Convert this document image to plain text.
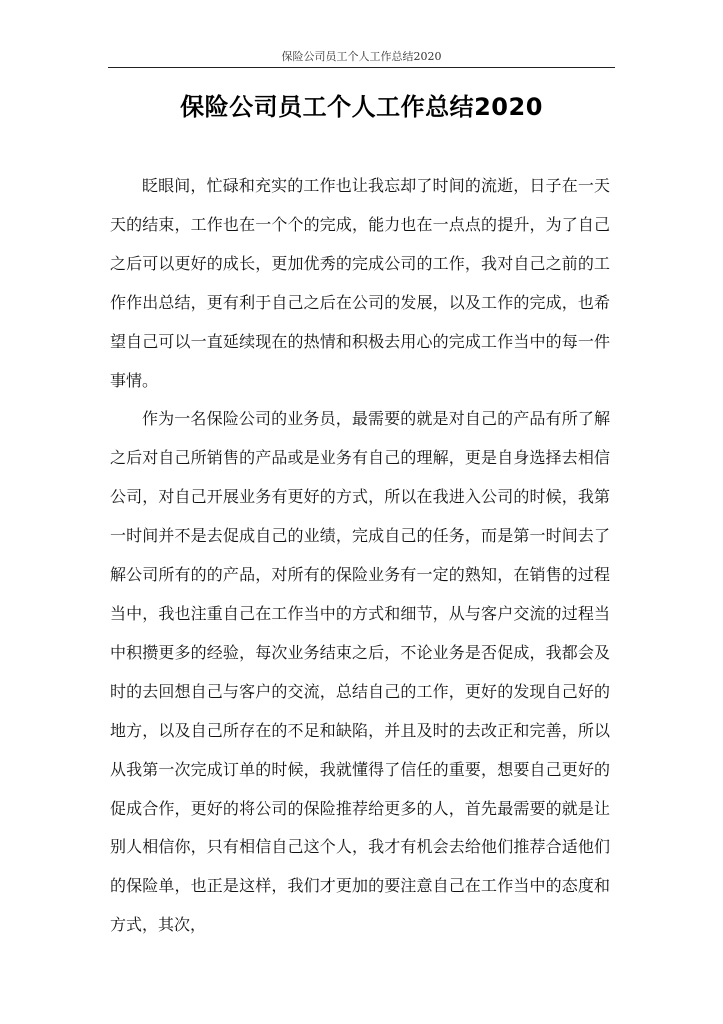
保险公司员工个人工作总结2020
保险公司员工个人工作总结2020

眨眼间，忙碌和充实的工作也让我忘却了时间的流逝，日子在一天天的结束，工作也在一个个的完成，能力也在一点点的提升，为了自己之后可以更好的成长，更加优秀的完成公司的工作，我对自己之前的工作作出总结，更有利于自己之后在公司的发展，以及工作的完成，也希望自己可以一直延续现在的热情和积极去用心的完成工作当中的每一件事情。

作为一名保险公司的业务员，最需要的就是对自己的产品有所了解之后对自己所销售的产品或是业务有自己的理解，更是自身选择去相信公司，对自己开展业务有更好的方式，所以在我进入公司的时候，我第一时间并不是去促成自己的业绩，完成自己的任务，而是第一时间去了解公司所有的的产品，对所有的保险业务有一定的熟知，在销售的过程当中，我也注重自己在工作当中的方式和细节，从与客户交流的过程当中积攒更多的经验，每次业务结束之后，不论业务是否促成，我都会及时的去回想自己与客户的交流，总结自己的工作，更好的发现自己好的地方，以及自己所存在的不足和缺陷，并且及时的去改正和完善，所以从我第一次完成订单的时候，我就懂得了信任的重要，想要自己更好的促成合作，更好的将公司的保险推荐给更多的人，首先最需要的就是让别人相信你，只有相信自己这个人，我才有机会去给他们推荐合适他们的保险单，也正是这样，我们才更加的要注意自己在工作当中的态度和方式，其次，
